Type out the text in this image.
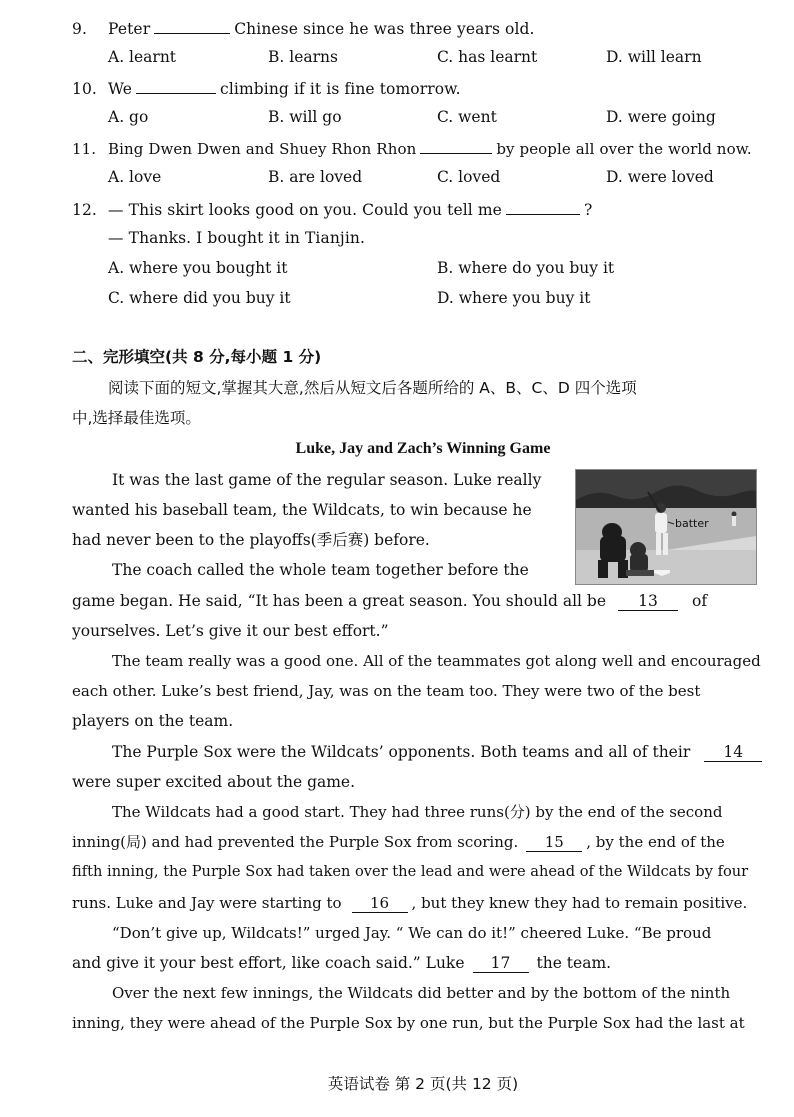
9. Peter	Chinese since he was three years old.
A. learnt	B. learns	C. has learnt	D. will learn
10. We	climbing if it is fine tomorrow.
A. go	B. will go	C. went	D. were going
11. Bing Dwen Dwen and Shuey Rhon Rhon	by people all over the world now.
A. love	B. are loved	C. loved	D. were loved
12. — This skirt looks good on you. Could you tell me	?
— Thanks. I bought it in Tianjin.
A. where you bought it	B. where do you buy it
C. where did you buy it	D. where you buy it
二、完形填空(共 8 分,每小题 1 分)
阅读下面的短文,掌握其大意,然后从短文后各题所给的 A、B、C、D 四个选项
中,选择最佳选项。
Luke, Jay and Zach’s Winning Game
batter
It was the last game of the regular season. Luke really
wanted his baseball team, the Wildcats, to win because he
had never been to the playoffs(季后赛) before.
The coach called the whole team together before the
game began. He said, “It has been a great season. You should all be 13 of
yourselves. Let’s give it our best effort.”
The team really was a good one. All of the teammates got along well and encouraged
each other. Luke’s best friend, Jay, was on the team too. They were two of the best
players on the team.
The Purple Sox were the Wildcats’ opponents. Both teams and all of their 14
were super excited about the game.
The Wildcats had a good start. They had three runs(分) by the end of the second
inning(局) and had prevented the Purple Sox from scoring. 15 , by the end of the
fifth inning, the Purple Sox had taken over the lead and were ahead of the Wildcats by four
runs. Luke and Jay were starting to 16 , but they knew they had to remain positive.
“Don’t give up, Wildcats!” urged Jay. “ We can do it!” cheered Luke. “Be proud
and give it your best effort, like coach said.” Luke 17 the team.
Over the next few innings, the Wildcats did better and by the bottom of the ninth
inning, they were ahead of the Purple Sox by one run, but the Purple Sox had the last at
英语试卷 第 2 页(共 12 页)
